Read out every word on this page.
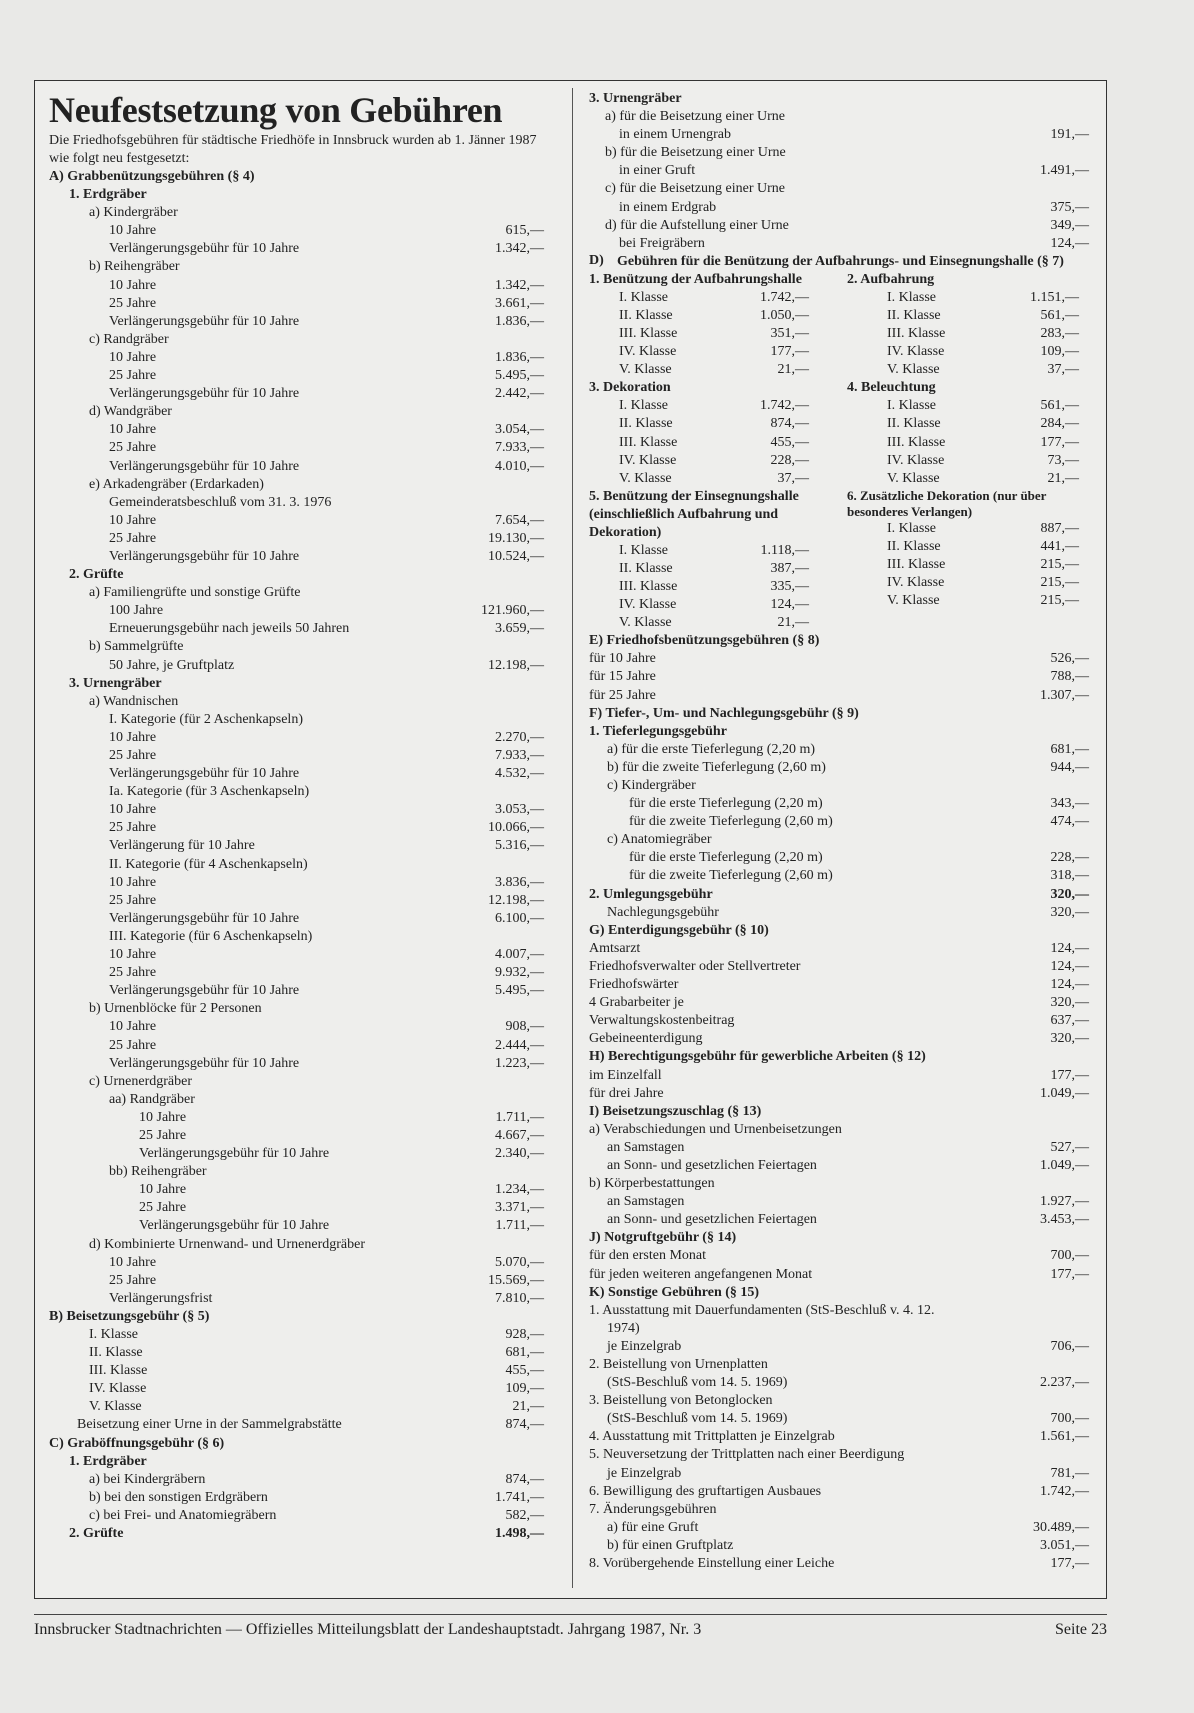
Neufestsetzung von Gebühren
Die Friedhofsgebühren für städtische Friedhöfe in Innsbruck wurden ab 1. Jänner 1987 wie folgt neu festgesetzt:
A) Grabbenützungsgebühren (§ 4)
1. Erdgräber
a) Kindergräber
10 Jahre	615,—
Verlängerungsgebühr für 10 Jahre	1.342,—
b) Reihengräber
10 Jahre	1.342,—
25 Jahre	3.661,—
Verlängerungsgebühr für 10 Jahre	1.836,—
c) Randgräber
10 Jahre	1.836,—
25 Jahre	5.495,—
Verlängerungsgebühr für 10 Jahre	2.442,—
d) Wandgräber
10 Jahre	3.054,—
25 Jahre	7.933,—
Verlängerungsgebühr für 10 Jahre	4.010,—
e) Arkadengräber (Erdarkaden)
Gemeinderatsbeschluß vom 31. 3. 1976
10 Jahre	7.654,—
25 Jahre	19.130,—
Verlängerungsgebühr für 10 Jahre	10.524,—
2. Grüfte
a) Familiengrüfte und sonstige Grüfte
100 Jahre	121.960,—
Erneuerungsgebühr nach jeweils 50 Jahren	3.659,—
b) Sammelgrüfte
50 Jahre, je Gruftplatz	12.198,—
3. Urnengräber
a) Wandnischen
I. Kategorie (für 2 Aschenkapseln)
10 Jahre	2.270,—
25 Jahre	7.933,—
Verlängerungsgebühr für 10 Jahre	4.532,—
Ia. Kategorie (für 3 Aschenkapseln)
10 Jahre	3.053,—
25 Jahre	10.066,—
Verlängerung für 10 Jahre	5.316,—
II. Kategorie (für 4 Aschenkapseln)
10 Jahre	3.836,—
25 Jahre	12.198,—
Verlängerungsgebühr für 10 Jahre	6.100,—
III. Kategorie (für 6 Aschenkapseln)
10 Jahre	4.007,—
25 Jahre	9.932,—
Verlängerungsgebühr für 10 Jahre	5.495,—
b) Urnenblöcke für 2 Personen
10 Jahre	908,—
25 Jahre	2.444,—
Verlängerungsgebühr für 10 Jahre	1.223,—
c) Urnenerdgräber
aa) Randgräber
10 Jahre	1.711,—
25 Jahre	4.667,—
Verlängerungsgebühr für 10 Jahre	2.340,—
bb) Reihengräber
10 Jahre	1.234,—
25 Jahre	3.371,—
Verlängerungsgebühr für 10 Jahre	1.711,—
d) Kombinierte Urnenwand- und Urnenerdgräber
10 Jahre	5.070,—
25 Jahre	15.569,—
Verlängerungsfrist	7.810,—
B) Beisetzungsgebühr (§ 5)
I. Klasse	928,—
II. Klasse	681,—
III. Klasse	455,—
IV. Klasse	109,—
V. Klasse	21,—
Beisetzung einer Urne in der Sammelgrabstätte	874,—
C) Graböffnungsgebühr (§ 6)
1. Erdgräber
a) bei Kindergräbern	874,—
b) bei den sonstigen Erdgräbern	1.741,—
c) bei Frei- und Anatomiegräbern	582,—
2. Grüfte	1.498,—
3. Urnengräber
a) für die Beisetzung einer Urne
in einem Urnengrab	191,—
b) für die Beisetzung einer Urne
in einer Gruft	1.491,—
c) für die Beisetzung einer Urne
in einem Erdgrab	375,—
d) für die Aufstellung einer Urne	349,—
bei Freigräbern	124,—
D) Gebühren für die Benützung der Aufbahrungs- und Einsegnungshalle (§ 7)
1. Benützung der Aufbahrungshalle
I. Klasse	1.742,—
II. Klasse	1.050,—
III. Klasse	351,—
IV. Klasse	177,—
V. Klasse	21,—
2. Aufbahrung
I. Klasse	1.151,—
II. Klasse	561,—
III. Klasse	283,—
IV. Klasse	109,—
V. Klasse	37,—
3. Dekoration
I. Klasse	1.742,—
II. Klasse	874,—
III. Klasse	455,—
IV. Klasse	228,—
V. Klasse	37,—
4. Beleuchtung
I. Klasse	561,—
II. Klasse	284,—
III. Klasse	177,—
IV. Klasse	73,—
V. Klasse	21,—
5. Benützung der Einsegnungshalle (einschließlich Aufbahrung und Dekoration)
I. Klasse	1.118,—
II. Klasse	387,—
III. Klasse	335,—
IV. Klasse	124,—
V. Klasse	21,—
6. Zusätzliche Dekoration (nur über besonderes Verlangen)
I. Klasse	887,—
II. Klasse	441,—
III. Klasse	215,—
IV. Klasse	215,—
V. Klasse	215,—
E) Friedhofsbenützungsgebühren (§ 8)
für 10 Jahre	526,—
für 15 Jahre	788,—
für 25 Jahre	1.307,—
F) Tiefer-, Um- und Nachlegungsgebühr (§ 9)
1. Tieferlegungsgebühr
a) für die erste Tieferlegung (2,20 m)	681,—
b) für die zweite Tieferlegung (2,60 m)	944,—
c) Kindergräber
für die erste Tieferlegung (2,20 m)	343,—
für die zweite Tieferlegung (2,60 m)	474,—
c) Anatomiegräber
für die erste Tieferlegung (2,20 m)	228,—
für die zweite Tieferlegung (2,60 m)	318,—
2. Umlegungsgebühr	320,—
Nachlegungsgebühr	320,—
G) Enterdigungsgebühr (§ 10)
Amtsarzt	124,—
Friedhofsverwalter oder Stellvertreter	124,—
Friedhofswärter	124,—
4 Grabarbeiter je	320,—
Verwaltungskostenbeitrag	637,—
Gebeineenterdigung	320,—
H) Berechtigungsgebühr für gewerbliche Arbeiten (§ 12)
im Einzelfall	177,—
für drei Jahre	1.049,—
I) Beisetzungszuschlag (§ 13)
a) Verabschiedungen und Urnenbeisetzungen
an Samstagen	527,—
an Sonn- und gesetzlichen Feiertagen	1.049,—
b) Körperbestattungen
an Samstagen	1.927,—
an Sonn- und gesetzlichen Feiertagen	3.453,—
J) Notgruftgebühr (§ 14)
für den ersten Monat	700,—
für jeden weiteren angefangenen Monat	177,—
K) Sonstige Gebühren (§ 15)
1. Ausstattung mit Dauerfundamenten (StS-Beschluß v. 4. 12.
1974)
je Einzelgrab	706,—
2. Beistellung von Urnenplatten
(StS-Beschluß vom 14. 5. 1969)	2.237,—
3. Beistellung von Betonglocken
(StS-Beschluß vom 14. 5. 1969)	700,—
4. Ausstattung mit Trittplatten je Einzelgrab	1.561,—
5. Neuversetzung der Trittplatten nach einer Beerdigung
je Einzelgrab	781,—
6. Bewilligung des gruftartigen Ausbaues	1.742,—
7. Änderungsgebühren
a) für eine Gruft	30.489,—
b) für einen Gruftplatz	3.051,—
8. Vorübergehende Einstellung einer Leiche	177,—
Innsbrucker Stadtnachrichten — Offizielles Mitteilungsblatt der Landeshauptstadt. Jahrgang 1987, Nr. 3	Seite 23
